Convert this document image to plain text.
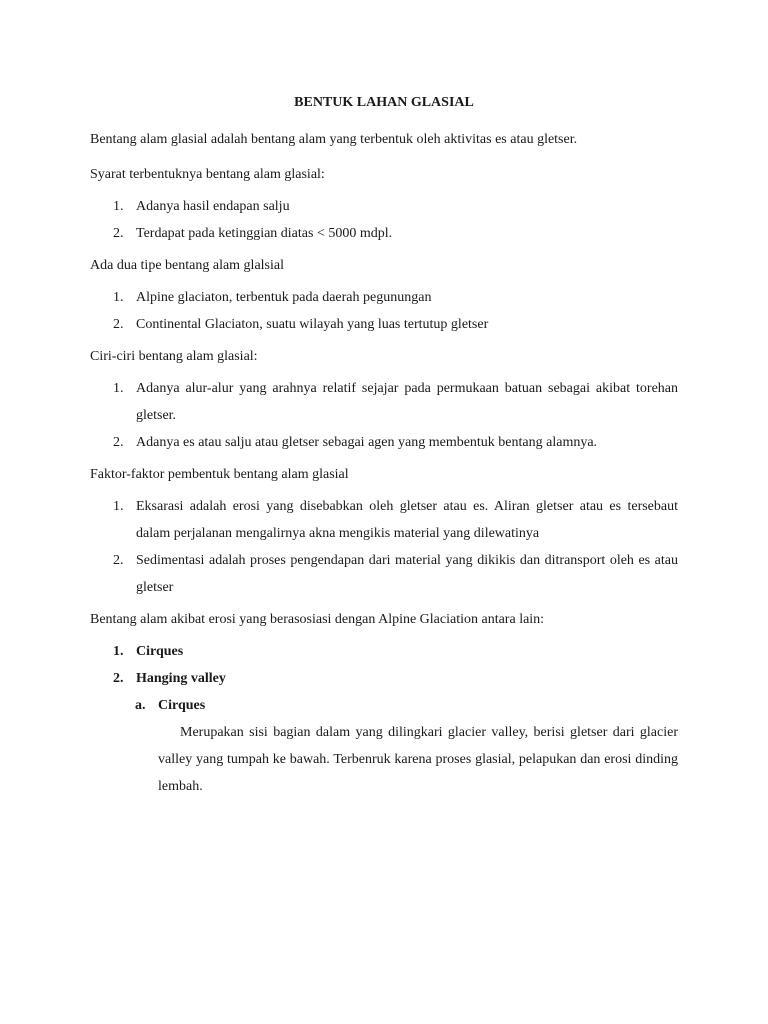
BENTUK LAHAN GLASIAL

Bentang alam glasial adalah bentang alam yang terbentuk oleh aktivitas es atau gletser.

Syarat terbentuknya bentang alam glasial:

1. Adanya hasil endapan salju
2. Terdapat pada ketinggian diatas < 5000 mdpl.

Ada dua tipe bentang alam glalsial

1. Alpine glaciaton, terbentuk pada daerah pegunungan
2. Continental Glaciaton, suatu wilayah yang luas tertutup gletser

Ciri-ciri bentang alam glasial:

1. Adanya alur-alur yang arahnya relatif sejajar pada permukaan batuan sebagai akibat torehan gletser.
2. Adanya es atau salju atau gletser sebagai agen yang membentuk bentang alamnya.

Faktor-faktor pembentuk bentang alam glasial

1. Eksarasi adalah erosi yang disebabkan oleh gletser atau es. Aliran gletser atau es tersebaut dalam perjalanan mengalirnya akna mengikis material yang dilewatinya
2. Sedimentasi adalah proses pengendapan dari material yang dikikis dan ditransport oleh es atau gletser

Bentang alam akibat erosi yang berasosiasi dengan Alpine Glaciation antara lain:

1. Cirques
2. Hanging valley
a. Cirques

Merupakan sisi bagian dalam yang dilingkari glacier valley, berisi gletser dari glacier valley yang tumpah ke bawah. Terbenruk karena proses glasial, pelapukan dan erosi dinding lembah.
